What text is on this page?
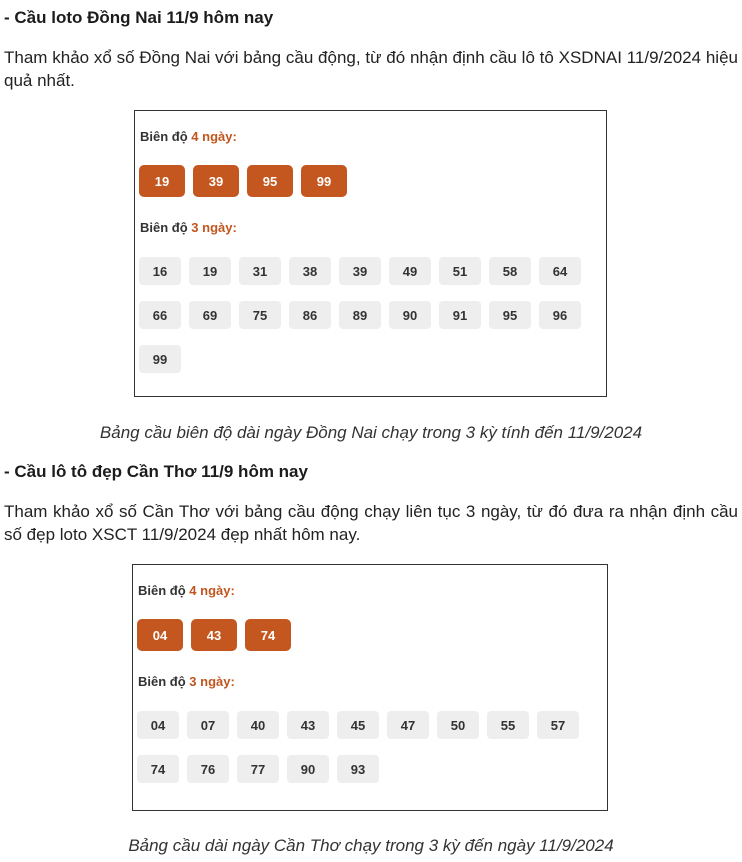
- Cầu loto Đồng Nai 11/9 hôm nay
Tham khảo xổ số Đồng Nai với bảng cầu động, từ đó nhận định cầu lô tô XSDNAI 11/9/2024 hiệu quả nhất.
Biên độ 4 ngày:
19	39	95	99
Biên độ 3 ngày:
16	19	31	38	39	49	51	58	64
66	69	75	86	89	90	91	95	96
99
Bảng cầu biên độ dài ngày Đồng Nai chạy trong 3 kỳ tính đến 11/9/2024
- Cầu lô tô đẹp Cần Thơ 11/9 hôm nay
Tham khảo xổ số Cần Thơ với bảng cầu động chạy liên tục 3 ngày, từ đó đưa ra nhận định cầu số đẹp loto XSCT 11/9/2024 đẹp nhất hôm nay.
Biên độ 4 ngày:
04	43	74
Biên độ 3 ngày:
04	07	40	43	45	47	50	55	57
74	76	77	90	93
Bảng cầu dài ngày Cần Thơ chạy trong 3 kỳ đến ngày 11/9/2024
